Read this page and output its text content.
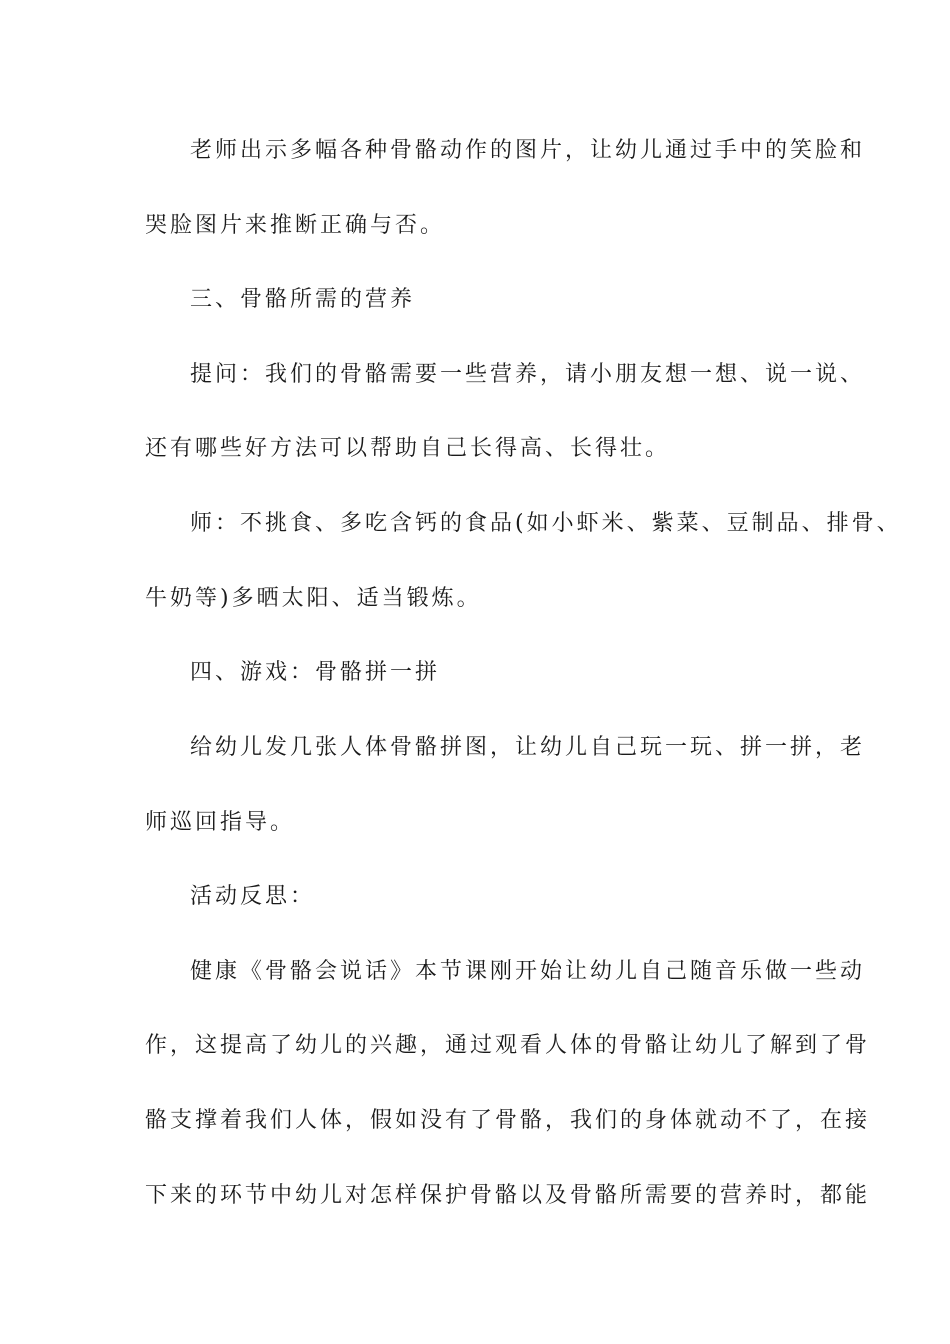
老师出示多幅各种骨骼动作的图片，让幼儿通过手中的笑脸和
哭脸图片来推断正确与否。
三、骨骼所需的营养
提问：我们的骨骼需要一些营养，请小朋友想一想、说一说、
还有哪些好方法可以帮助自己长得高、长得壮。
师：不挑食、多吃含钙的食品(如小虾米、紫菜、豆制品、排骨、
牛奶等)多晒太阳、适当锻炼。
四、游戏：骨骼拼一拼
给幼儿发几张人体骨骼拼图，让幼儿自己玩一玩、拼一拼，老
师巡回指导。
活动反思：
健康《骨骼会说话》本节课刚开始让幼儿自己随音乐做一些动
作，这提高了幼儿的兴趣，通过观看人体的骨骼让幼儿了解到了骨
骼支撑着我们人体，假如没有了骨骼，我们的身体就动不了，在接
下来的环节中幼儿对怎样保护骨骼以及骨骼所需要的营养时，都能
